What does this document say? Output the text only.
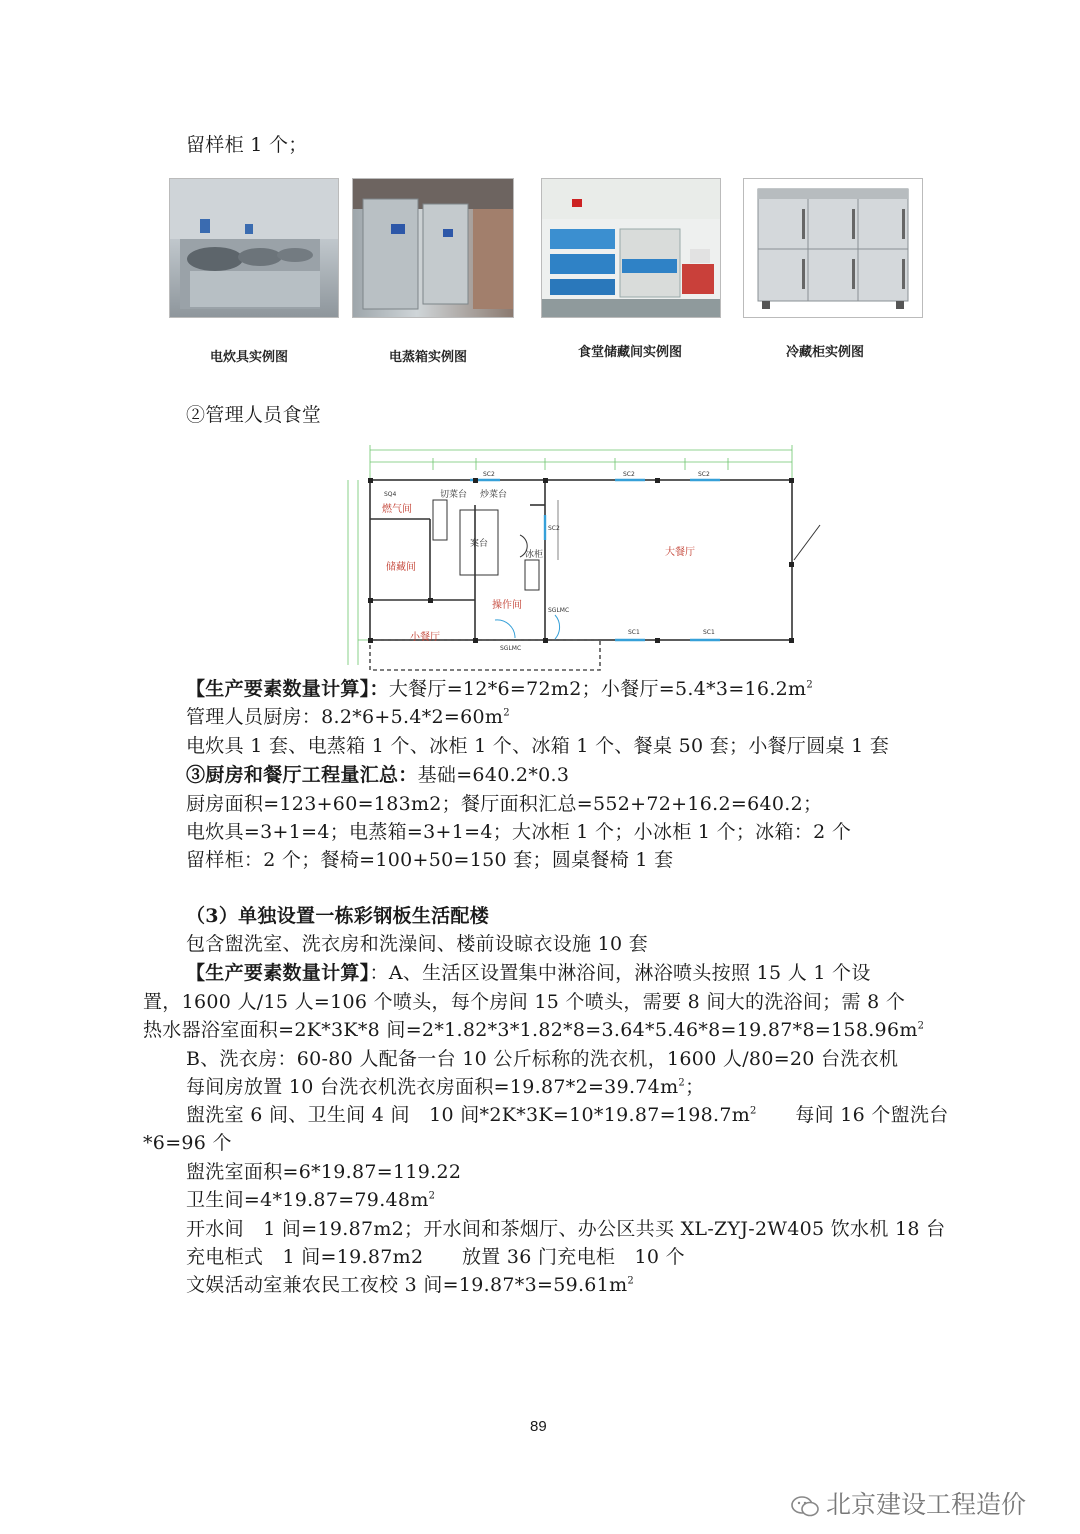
留样柜 1 个；
电炊具实例图	电蒸箱实例图	食堂储藏间实例图	冷藏柜实例图
②管理人员食堂
燃气间
储藏间
小餐厅
操作间
大餐厅
切菜台 炒菜台
案台
冰柜
SC2	SC2	SC2
SC2
SC1	SC1
SQ4
SGLMC
SGLMC
【生产要素数量计算】：大餐厅=12*6=72m2；小餐厅$=5.4*3=16.2m^2$
管理人员厨房：$8.2*6+5.4*2=60m^2$
电炊具 1 套、电蒸箱 1 个、冰柜 1 个、冰箱 1 个、餐桌 50 套；小餐厅圆桌 1 套
③厨房和餐厅工程量汇总：基础=640.2*0.3
厨房面积=123+60=183m2；餐厅面积汇总=552+72+16.2=640.2；
电炊具=3+1=4；电蒸箱=3+1=4；大冰柜 1 个；小冰柜 1 个；冰箱：2 个
留样柜：2 个；餐椅=100+50=150 套；圆桌餐椅 1 套
（3）单独设置一栋彩钢板生活配楼
包含盥洗室、洗衣房和洗澡间、楼前设晾衣设施 10 套
【生产要素数量计算】：A、生活区设置集中淋浴间，淋浴喷头按照 15 人 1 个设
置，1600 人/15 人=106 个喷头，每个房间 15 个喷头，需要 8 间大的洗浴间；需 8 个
热水器浴室面积=2K*3K*8 间$=2*1.82*3*1.82*8=3.64*5.46*8=19.87*8=158.96m^2$
B、洗衣房：60-80 人配备一台 10 公斤标称的洗衣机，1600 人/80=20 台洗衣机
每间房放置 10 台洗衣机洗衣房面积$=19.87*2=39.74m^2$；
盥洗室 6 间、卫生间 4 间　10 间$*2K*3K=10*19.87=198.7m^2$　　每间 16 个盥洗台
*6=96 个
盥洗室面积=6*19.87=119.22
卫生间$=4*19.87=79.48m^2$
开水间　1 间=19.87m2；开水间和茶烟厅、办公区共买 XL-ZYJ-2W405 饮水机 18 台
充电柜式　1 间=19.87m2　　放置 36 门充电柜　10 个
文娱活动室兼农民工夜校 3 间$=19.87*3=59.61m^2$
89
北京建设工程造价
